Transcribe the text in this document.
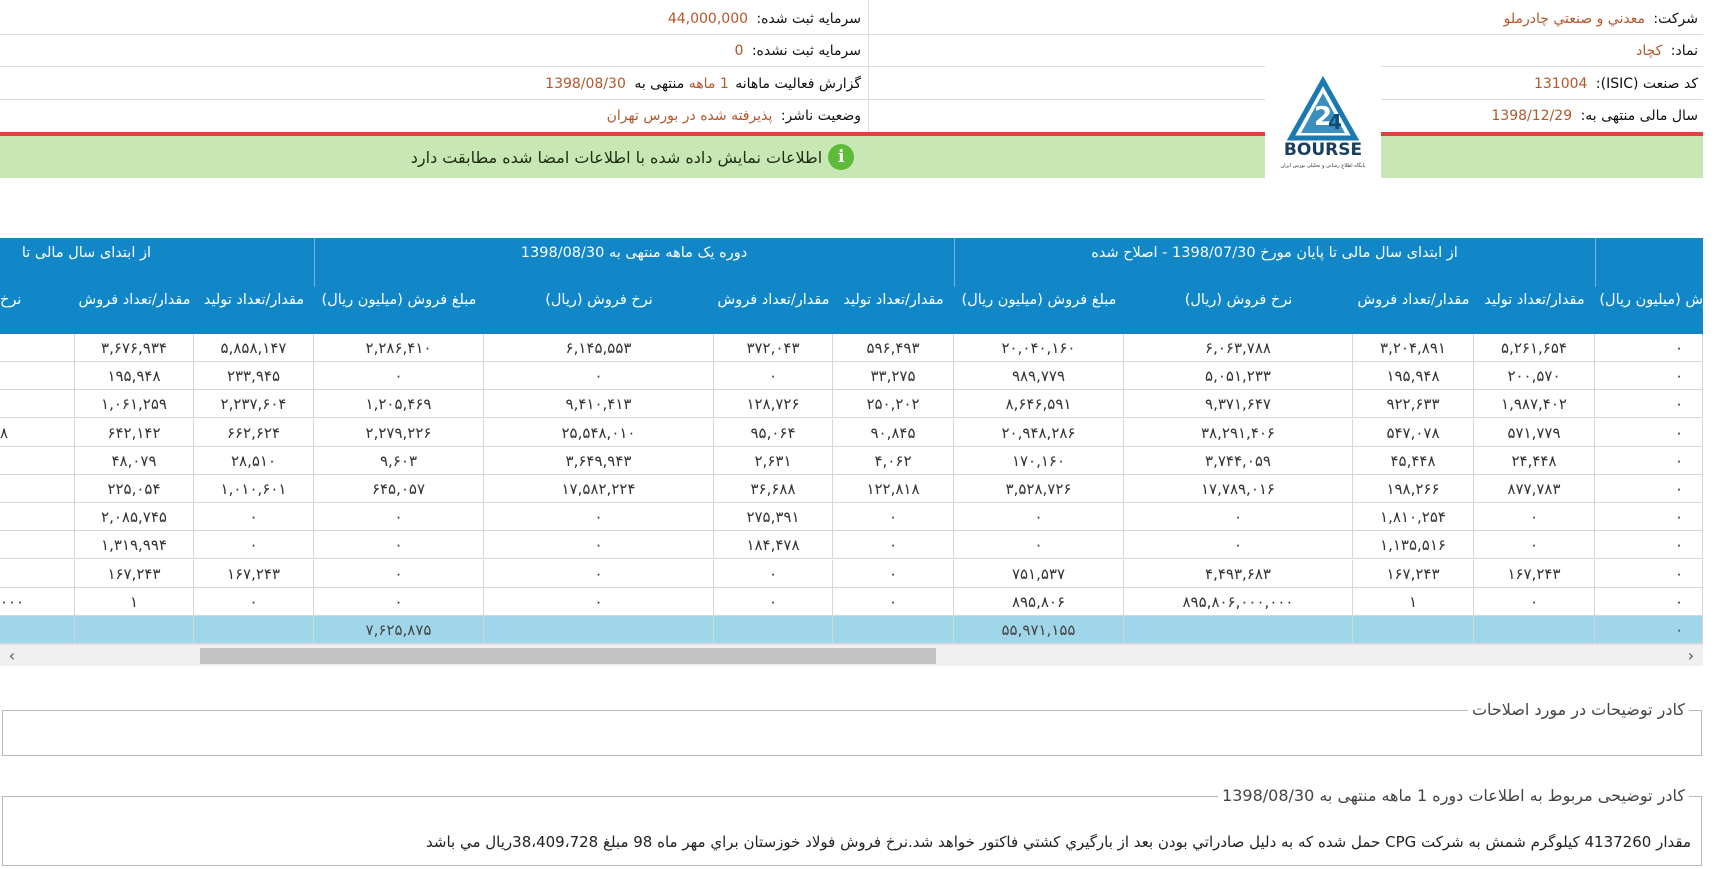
شرکت: معدني و صنعتي چادرملو
نماد: کچاد
کد صنعت (ISIC): 131004
سال مالی منتهی به: 1398/12/29
سرمایه ثبت شده: 44,000,000
سرمایه ثبت نشده: 0
گزارش فعالیت ماهانه 1 ماهه منتهی به 1398/08/30
وضعیت ناشر: پذیرفته شده در بورس تهران
i
اطلاعات نمایش داده شده با اطلاعات امضا شده مطابقت دارد
2
4
BOURSE
پایگاه اطلاع رسانی و تحلیلی بورس ایران
از ابتدای سال مالی تا پایان مورخ 1398/07/30 - اصلاح شده
دوره یک ماهه منتهی به 1398/08/30
از ابتدای سال مالی تا
فروش (میلیون ریال)
مقدار/تعداد تولید
مقدار/تعداد فروش
نرخ فروش (ریال)
مبلغ فروش (میلیون ریال)
مقدار/تعداد تولید
مقدار/تعداد فروش
نرخ فروش (ریال)
مبلغ فروش (میلیون ریال)
مقدار/تعداد تولید
مقدار/تعداد فروش
نرخ
٠
۵,۲۶۱,۶۵۴
۳,۲۰۴,۸۹۱
۶,۰۶۳,۷۸۸
۲۰,۰۴۰,۱۶۰
۵۹۶,۴۹۳
۳۷۲,۰۴۳
۶,۱۴۵,۵۵۳
۲,۲۸۶,۴۱۰
۵,۸۵۸,۱۴۷
۳,۶۷۶,۹۳۴
٠
۲۰۰,۵۷۰
۱۹۵,۹۴۸
۵,۰۵۱,۲۳۳
۹۸۹,۷۷۹
۳۳,۲۷۵
٠
٠
٠
۲۳۳,۹۴۵
۱۹۵,۹۴۸
٠
۱,۹۸۷,۴۰۲
۹۲۲,۶۳۳
۹,۳۷۱,۶۴۷
۸,۶۴۶,۵۹۱
۲۵۰,۲۰۲
۱۲۸,۷۲۶
۹,۴۱۰,۴۱۳
۱,۲۰۵,۴۶۹
۲,۲۳۷,۶۰۴
۱,۰۶۱,۲۵۹
٠
۵۷۱,۷۷۹
۵۴۷,۰۷۸
۳۸,۲۹۱,۴۰۶
۲۰,۹۴۸,۲۸۶
۹۰,۸۴۵
۹۵,۰۶۴
۲۵,۵۴۸,۰۱۰
۲,۲۷۹,۲۲۶
۶۶۲,۶۲۴
۶۴۲,۱۴۲
۸
٠
۲۴,۴۴۸
۴۵,۴۴۸
۳,۷۴۴,۰۵۹
۱۷۰,۱۶۰
۴,۰۶۲
۲,۶۳۱
۳,۶۴۹,۹۴۳
۹,۶۰۳
۲۸,۵۱۰
۴۸,۰۷۹
٠
۸۷۷,۷۸۳
۱۹۸,۲۶۶
۱۷,۷۸۹,۰۱۶
۳,۵۲۸,۷۲۶
۱۲۲,۸۱۸
۳۶,۶۸۸
۱۷,۵۸۲,۲۲۴
۶۴۵,۰۵۷
۱,۰۱۰,۶۰۱
۲۲۵,۰۵۴
٠
٠
۱,۸۱۰,۲۵۴
٠
٠
٠
۲۷۵,۳۹۱
٠
٠
٠
۲,۰۸۵,۷۴۵
٠
٠
۱,۱۳۵,۵۱۶
٠
٠
٠
۱۸۴,۴۷۸
٠
٠
٠
۱,۳۱۹,۹۹۴
٠
۱۶۷,۲۴۳
۱۶۷,۲۴۳
۴,۴۹۳,۶۸۳
۷۵۱,۵۳۷
٠
٠
٠
٠
۱۶۷,۲۴۳
۱۶۷,۲۴۳
٠
٠
۱
۸۹۵,۸۰۶,۰۰۰,۰۰۰
۸۹۵,۸۰۶
٠
٠
٠
٠
٠
۱
۰۰۰
٠
۵۵,۹۷۱,۱۵۵
۷,۶۲۵,۸۷۵
‹	›
کادر توضیحات در مورد اصلاحات
کادر توضیحی مربوط به اطلاعات دوره 1 ماهه منتهی به 1398/08/30
مقدار 4137260 کیلوگرم شمش به شرکت CPG حمل شده که به دلیل صادراتي بودن بعد از بارگیري کشتي فاکتور خواهد شد.نرخ فروش فولاد خوزستان براي مهر ماه 98 مبلغ 38،409،728ریال مي باشد
